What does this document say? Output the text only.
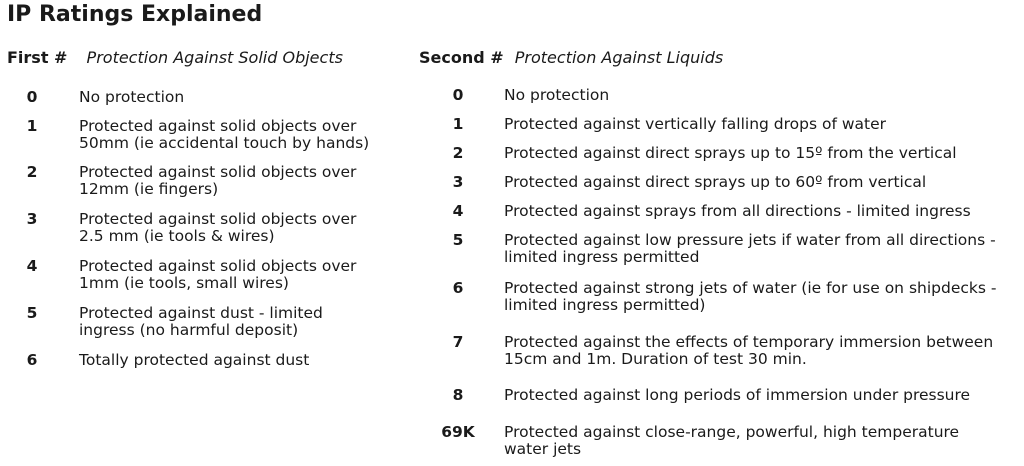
IP Ratings Explained
First # Protection Against Solid Objects	Second # Protection Against Liquids
0	No protection
1	Protected against solid objects over
50mm (ie accidental touch by hands)
2	Protected against solid objects over
12mm (ie fingers)
3	Protected against solid objects over
2.5 mm (ie tools & wires)
4	Protected against solid objects over
1mm (ie tools, small wires)
5	Protected against dust - limited
ingress (no harmful deposit)
6	Totally protected against dust
0	No protection
1	Protected against vertically falling drops of water
2	Protected against direct sprays up to 15º from the vertical
3	Protected against direct sprays up to 60º from vertical
4	Protected against sprays from all directions - limited ingress
5	Protected against low pressure jets if water from all directions -
limited ingress permitted
6	Protected against strong jets of water (ie for use on shipdecks -
limited ingress permitted)
7	Protected against the effects of temporary immersion between
15cm and 1m. Duration of test 30 min.
8	Protected against long periods of immersion under pressure
69K	Protected against close-range, powerful, high temperature
water jets
